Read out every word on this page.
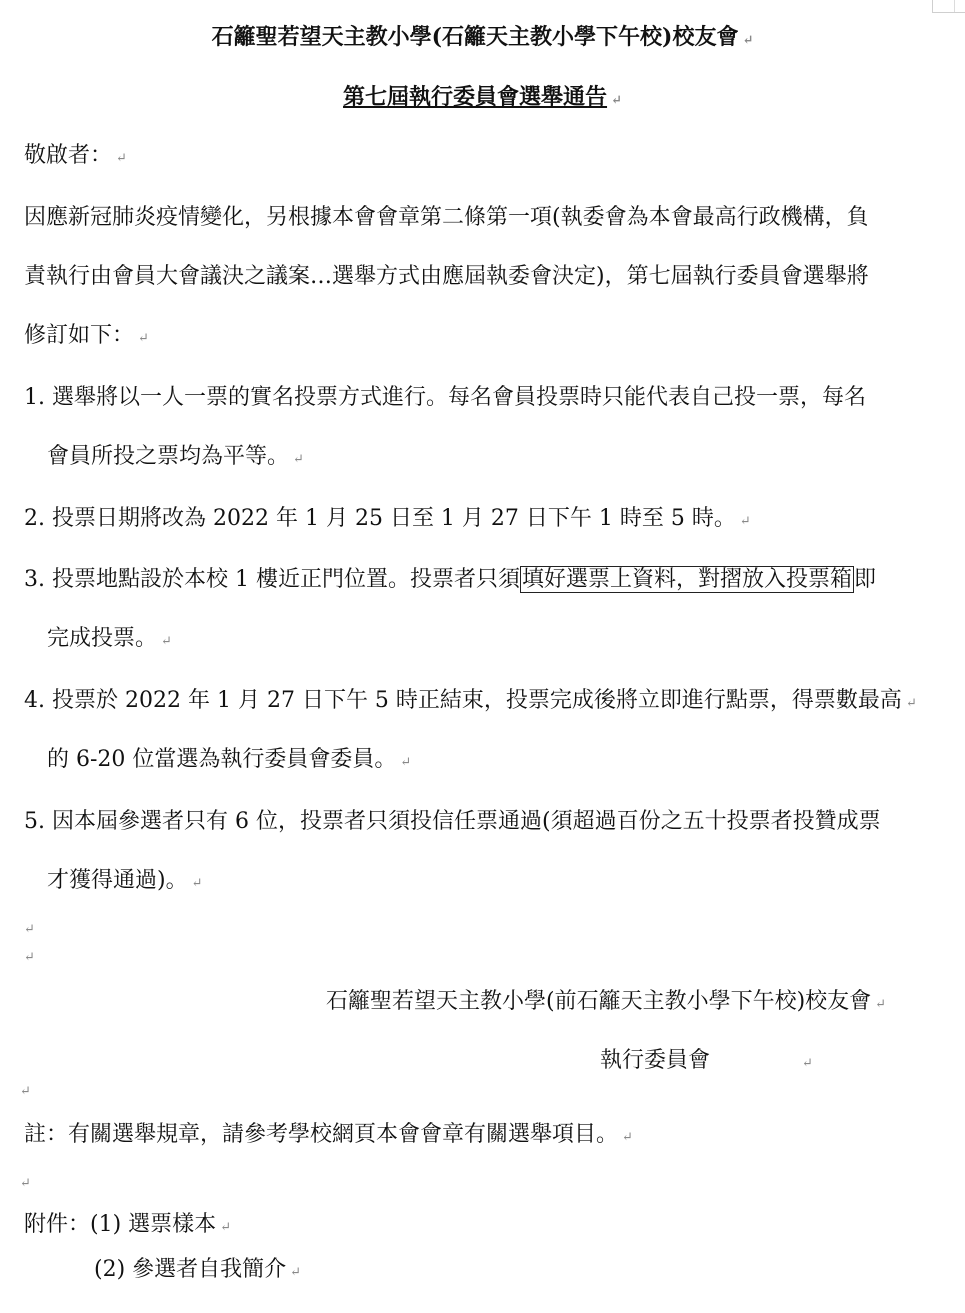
石籬聖若望天主教小學(石籬天主教小學下午校)校友會 ↵
第七屆執行委員會選舉通告 ↵
敬啟者： ↵
因應新冠肺炎疫情變化，另根據本會會章第二條第一項(執委會為本會最高行政機構，負
責執行由會員大會議決之議案…選舉方式由應屆執委會決定)，第七屆執行委員會選舉將
修訂如下： ↵
1. 選舉將以一人一票的實名投票方式進行。每名會員投票時只能代表自己投一票，每名
會員所投之票均為平等。 ↵
2. 投票日期將改為 2022 年 1 月 25 日至 1 月 27 日下午 1 時至 5 時。 ↵
3. 投票地點設於本校 1 樓近正門位置。投票者只須填好選票上資料，對摺放入投票箱即
完成投票。 ↵
4. 投票於 2022 年 1 月 27 日下午 5 時正結束，投票完成後將立即進行點票，得票數最高 ↵
的 6-20 位當選為執行委員會委員。 ↵
5. 因本屆參選者只有 6 位，投票者只須投信任票通過(須超過百份之五十投票者投贊成票
才獲得通過)。 ↵
↵
↵
石籬聖若望天主教小學(前石籬天主教小學下午校)校友會 ↵
執行委員會	↵
↵
註：有關選舉規章，請參考學校網頁本會會章有關選舉項目。 ↵
↵
附件：(1) 選票樣本 ↵
(2) 參選者自我簡介 ↵
